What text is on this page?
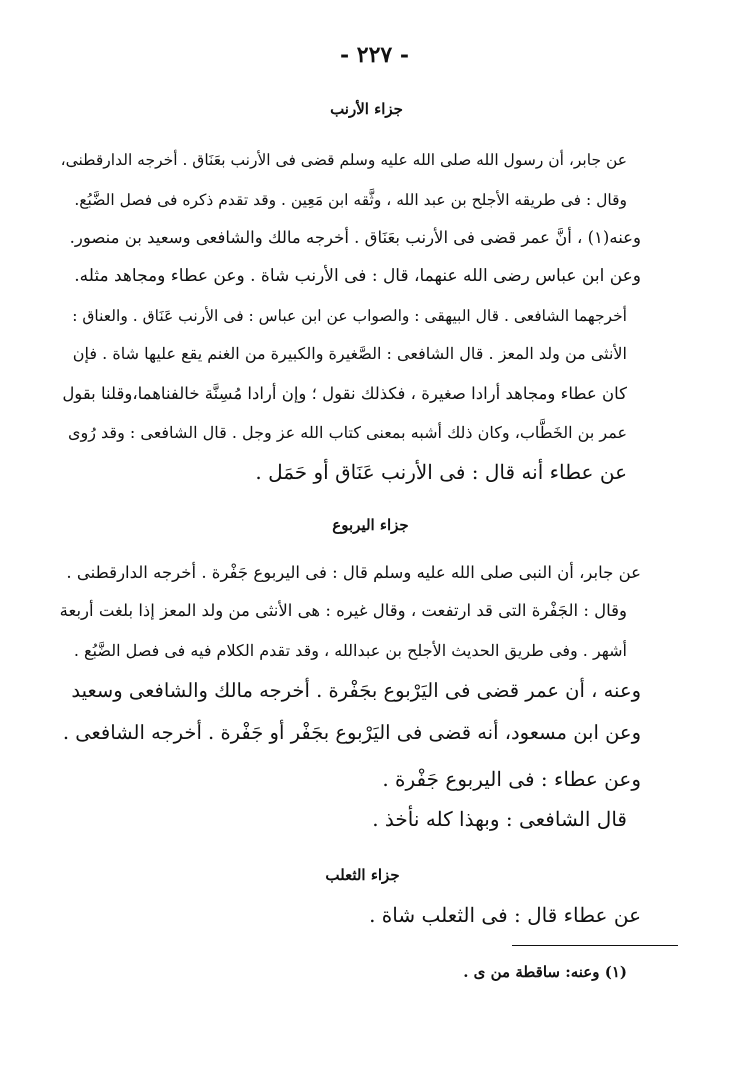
- ٢٢٧ -
جزاء الأرنب
عن جابر، أن رسول الله صلى الله عليه وسلم قضى فى الأرنب بعَنَاق . أخرجه الدارقطنى،
وقال : فى طريقه الأجلح بن عبد الله ، وثَّقه ابن مَعِين . وقد تقدم ذكره فى فصل الضَّبُع.
وعنه(١) ، أنَّ عمر قضى فى الأرنب بعَنَاق . أخرجه مالك والشافعى وسعيد بن منصور.
وعن ابن عباس رضى الله عنهما، قال : فى الأرنب شاة . وعن عطاء ومجاهد مثله.
أخرجهما الشافعى . قال البيهقى : والصواب عن ابن عباس : فى الأرنب عَنَاق . والعناق :
الأنثى من ولد المعز . قال الشافعى : الصَّغيرة والكبيرة من الغنم يقع عليها شاة . فإن
كان عطاء ومجاهد أرادا صغيرة ، فكذلك نقول ؛ وإن أرادا مُسِنَّة خالفناهما،وقلنا بقول
عمر بن الخَطَّاب، وكان ذلك أشبه بمعنى كتاب الله عز وجل . قال الشافعى : وقد رُوى
عن عطاء أنه قال : فى الأرنب عَنَاق أو حَمَل .
جزاء اليربوع
عن جابر، أن النبى صلى الله عليه وسلم قال : فى اليربوع جَفْرة . أخرجه الدارقطنى .
وقال : الجَفْرة التى قد ارتفعت ، وقال غيره : هى الأنثى من ولد المعز إذا بلغت أربعة
أشهر . وفى طريق الحديث الأجلح بن عبدالله ، وقد تقدم الكلام فيه فى فصل الضَّبُع .
وعنه ، أن عمر قضى فى اليَرْبوع بجَفْرة . أخرجه مالك والشافعى وسعيد
وعن ابن مسعود، أنه قضى فى اليَرْبوع بجَفْر أو جَفْرة . أخرجه الشافعى .
وعن عطاء : فى اليربوع جَفْرة .
قال الشافعى : وبهذا كله نأخذ .
جزاء الثعلب
عن عطاء قال : فى الثعلب شاة .
(١) وعنه: ساقطة من ى .
